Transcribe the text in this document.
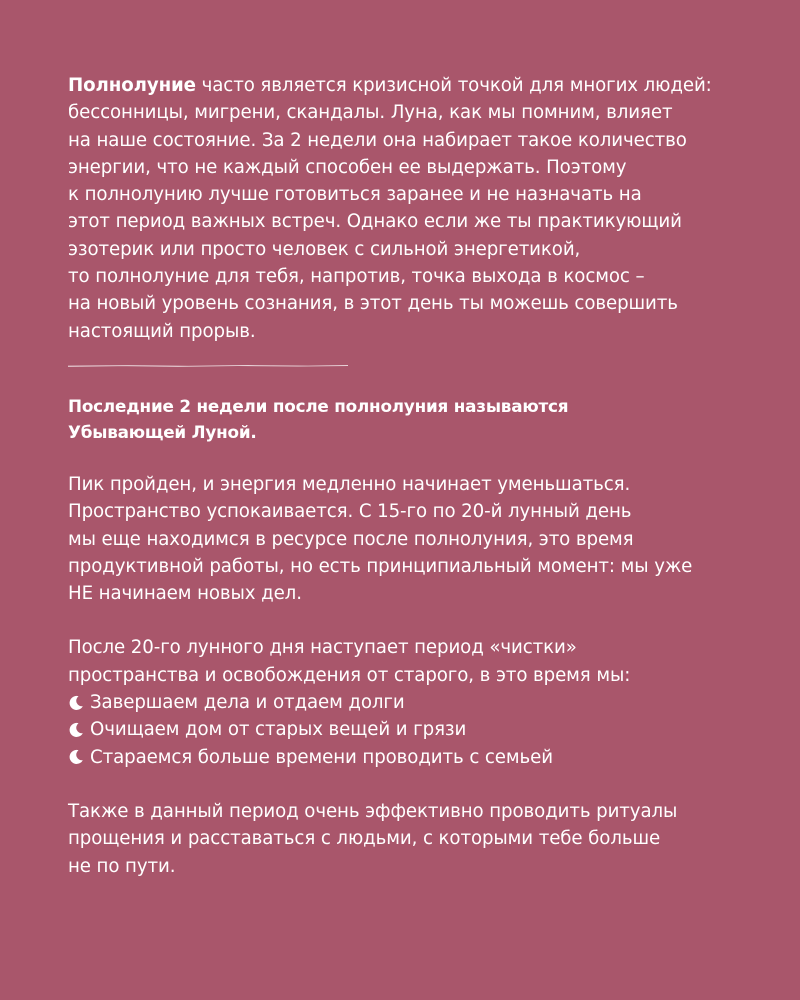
Полнолуние часто является кризисной точкой для многих людей:
бессонницы, мигрени, скандалы. Луна, как мы помним, влияет
на наше состояние. За 2 недели она набирает такое количество
энергии, что не каждый способен ее выдержать. Поэтому
к полнолунию лучше готовиться заранее и не назначать на
этот период важных встреч. Однако если же ты практикующий
эзотерик или просто человек с сильной энергетикой,
то полнолуние для тебя, напротив, точка выхода в космос –
на новый уровень сознания, в этот день ты можешь совершить
настоящий прорыв.

Последние 2 недели после полнолуния называются
Убывающей Луной.

Пик пройден, и энергия медленно начинает уменьшаться.
Пространство успокаивается. С 15-го по 20-й лунный день
мы еще находимся в ресурсе после полнолуния, это время
продуктивной работы, но есть принципиальный момент: мы уже
НЕ начинаем новых дел.

После 20-го лунного дня наступает период «чистки»
пространства и освобождения от старого, в это время мы:

Завершаем дела и отдаем долги
Очищаем дом от старых вещей и грязи
Стараемся больше времени проводить с семьей

Также в данный период очень эффективно проводить ритуалы
прощения и расставаться с людьми, с которыми тебе больше
не по пути.
